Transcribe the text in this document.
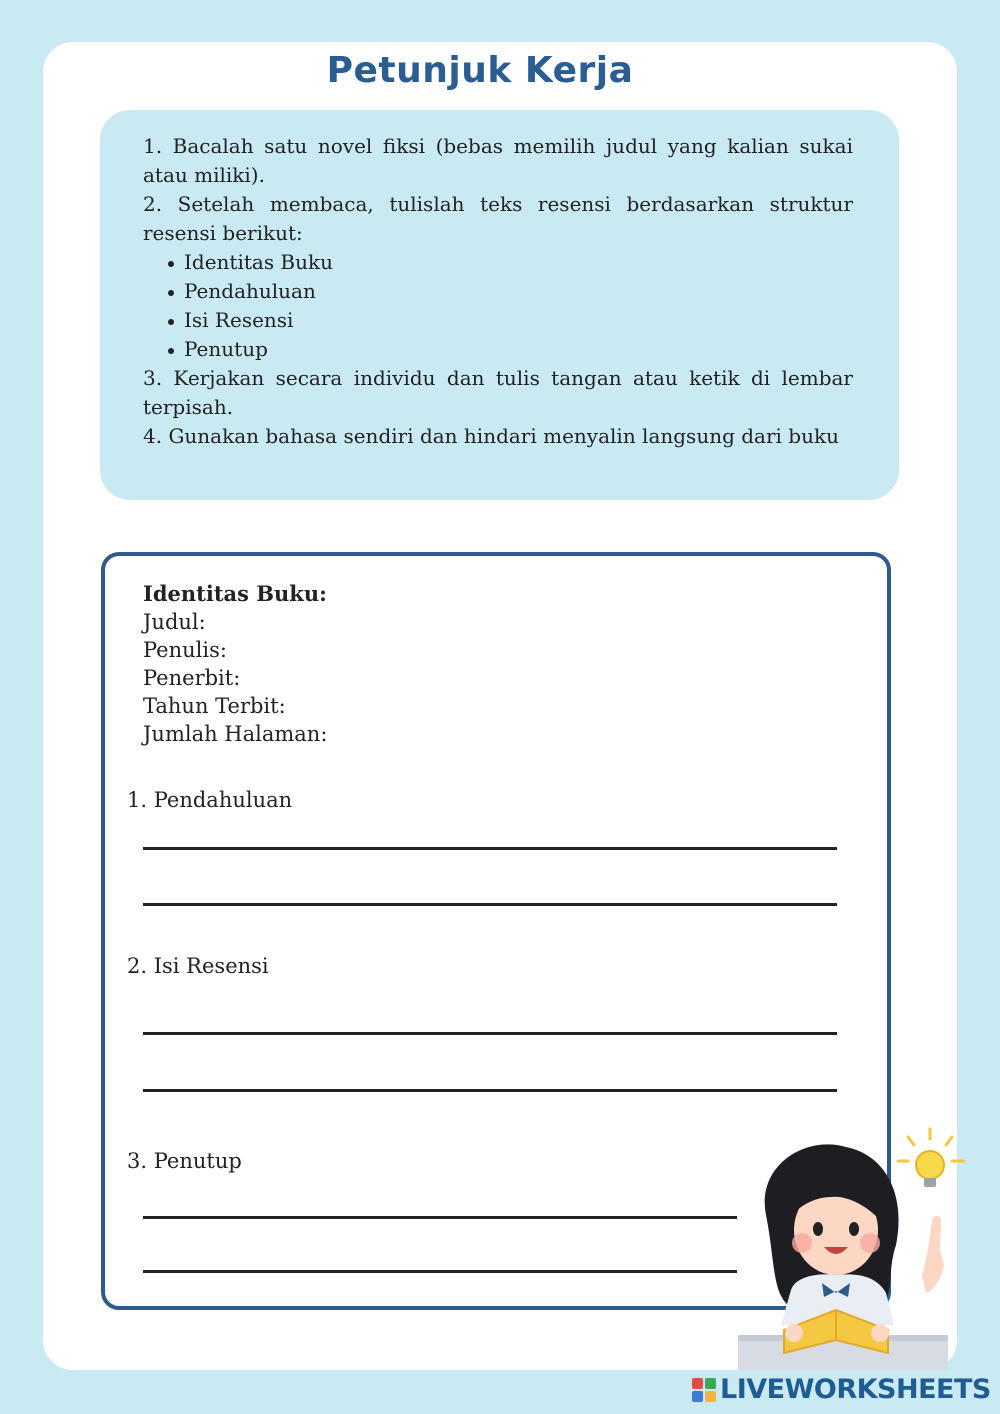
Petunjuk Kerja

1. Bacalah satu novel fiksi (bebas memilih judul yang kalian sukai atau miliki).

2. Setelah membaca, tulislah teks resensi berdasarkan struktur resensi berikut:

Identitas Buku
Pendahuluan
Isi Resensi
Penutup

3. Kerjakan secara individu dan tulis tangan atau ketik di lembar terpisah.

4. Gunakan bahasa sendiri dan hindari menyalin langsung dari buku

Identitas Buku:
Judul:
Penulis:
Penerbit:
Tahun Terbit:
Jumlah Halaman:
1. Pendahuluan
2. Isi Resensi
3. Penutup
LIVEWORKSHEETS
